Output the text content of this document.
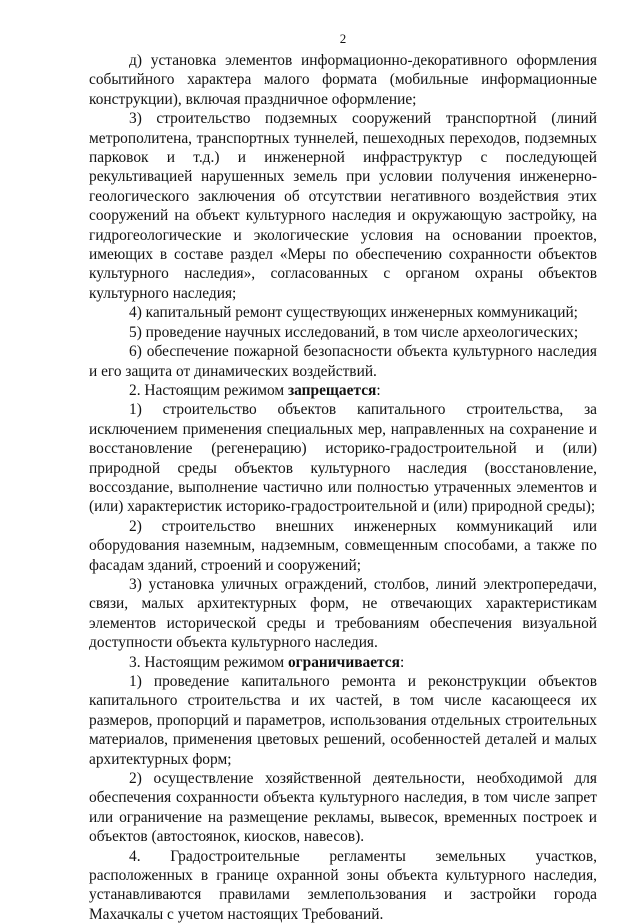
2

д) установка элементов информационно-декоративного оформления событийного характера малого формата (мобильные информационные конструкции), включая праздничное оформление;

3) строительство подземных сооружений транспортной (линий метрополитена, транспортных туннелей, пешеходных переходов, подземных парковок и т.д.) и инженерной инфраструктур с последующей рекультивацией нарушенных земель при условии получения инженерно-геологического заключения об отсутствии негативного воздействия этих сооружений на объект культурного наследия и окружающую застройку, на гидрогеологические и экологические условия на основании проектов, имеющих в составе раздел «Меры по обеспечению сохранности объектов культурного наследия», согласованных с органом охраны объектов культурного наследия;

4) капитальный ремонт существующих инженерных коммуникаций;

5) проведение научных исследований, в том числе археологических;

6) обеспечение пожарной безопасности объекта культурного наследия и его защита от динамических воздействий.

2. Настоящим режимом запрещается:

1) строительство объектов капитального строительства, за исключением применения специальных мер, направленных на сохранение и восстановление (регенерацию) историко-градостроительной и (или) природной среды объектов культурного наследия (восстановление, воссоздание, выполнение частично или полностью утраченных элементов и (или) характеристик историко-градостроительной и (или) природной среды);

2) строительство внешних инженерных коммуникаций или оборудования наземным, надземным, совмещенным способами, а также по фасадам зданий, строений и сооружений;

3) установка уличных ограждений, столбов, линий электропередачи, связи, малых архитектурных форм, не отвечающих характеристикам элементов исторической среды и требованиям обеспечения визуальной доступности объекта культурного наследия.

3. Настоящим режимом ограничивается:

1) проведение капитального ремонта и реконструкции объектов капитального строительства и их частей, в том числе касающееся их размеров, пропорций и параметров, использования отдельных строительных материалов, применения цветовых решений, особенностей деталей и малых архитектурных форм;

2) осуществление хозяйственной деятельности, необходимой для обеспечения сохранности объекта культурного наследия, в том числе запрет или ограничение на размещение рекламы, вывесок, временных построек и объектов (автостоянок, киосков, навесов).

4. Градостроительные регламенты земельных участков, расположенных в границе охранной зоны объекта культурного наследия, устанавливаются правилами землепользования и застройки города Махачкалы с учетом настоящих Требований.
